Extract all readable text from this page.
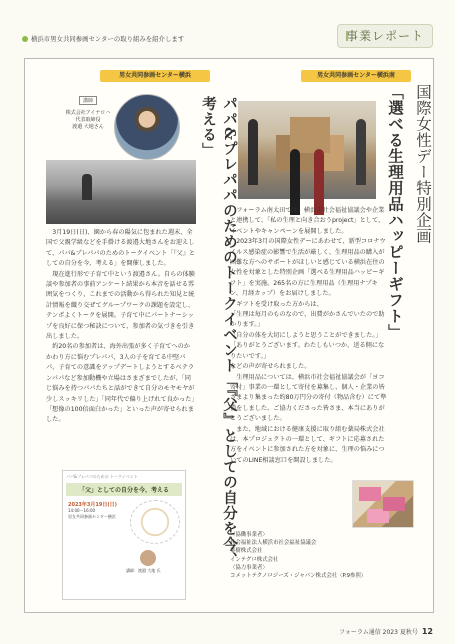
横浜市男女共同参画センターの取り組みを紹介します	事業レポート
男女共同参画センター横浜
講師
株式会社アイナロハ
代表取締役
渡邉 大地さん	パパ&プレパパのためのトークイベント「『父』としての自分を今、考える」

3月19日(日)、園から春の陽気に包まれた週末、全国で父親学級などを手掛ける渡邉大地さんをお迎えして、パパ&プレパパのためのトークイベント「『父』としての自分を今、考える」を開催しました。

現在進行形で子育て中という渡邉さん。自らの体験談や参加者の事前アンケート結果から本音を話せる雰囲気をつくり、これまでの活動から得られた知見と統計情報を織り交ぜてグループワークの課題を設定し、テンポよくトークを展開。子育て中にパートナーシップを良好に保つ秘訣について、参加者の気づきを引き出しました。

約20名の参加者は、海外出張が多く子育てへのかかわり方に悩むプレパパ、3人の子を育てる中堅パパ、子育ての意識をアップデートしようとするベテランパパなど参加動機や立場はさまざまでしたが、「同じ悩みを持つパパたちと話ができて自分のモヤモヤが少しスッキリした」「同年代で偏り上げれて良かった」「想像の100倍面白かった」といった声が寄せられました。

パパ&プレパパのための トークイベント
「父」としての自分を今、考える
2023年3月19日(日)
14:00〜16:00
男女共同参画センター横浜
講師：渡邉 大地 氏
男女共同参画センター横浜南
国際女性デー特別企画
「選べる生理用品ハッピーギフト」

フォーラム南太田では、横浜市社会福祉協議会や企業と連携して、「私の生理と向き合おうproject」として、イベントやキャンペーンを展開しました。

2023年3月の国際女性デーにあわせて、新型コロナウイルス感染症の影響で生活が厳しく、生理用品の購入が困難な方へのサポートがほしいと感じている横浜在住の女性を対象とした特別企画「選べる生理用品ハッピーギフト」を実施。265名の方に生理用品（生理用ナプキン、月経カップ）をお届けしました。

ギフトを受け取った方からは、

「生理は毎月のものなので、出費がかさんでいたので助かります。」

「自分の体を大切にしようと思うことができました。」

「ありがとうございます。わたしもいつか、送る側になりたいです。」

などの声が寄せられました。

生理用品については、横浜市社会福祉協議会が「ヨコ寄付」事業の一環として寄付を募集し、個人・企業の皆さまより集まった約80万円分の寄付（物品含む）にて準備をしました。ご協力くださった皆さま、本当にありがとうございました。

また、地域における健康支援に取り組む薬局株式会社は、本プロジェクトの一環として、ギフトに応募された方をイベントに参加された方を対象に、生理の悩みについてのLINE相談窓口を開設しました。

〈協働事業者〉
社会福祉法人横浜市社会福祉協議会
薬樹株式会社
インテグロ株式会社
〈協力事業者〉
コメットテクノロジーズ・ジャパン株式会社（P.9参照）
フォーラム通信 2023 夏秋号 12
